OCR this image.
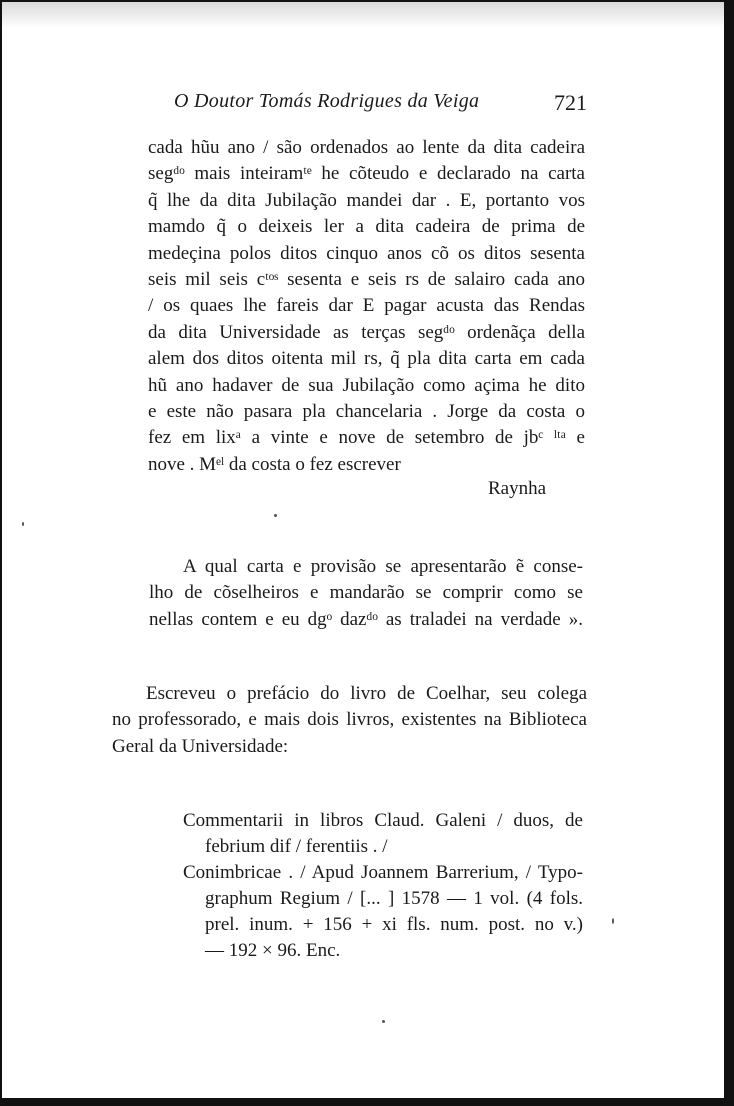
O Doutor Tomás Rodrigues da Veiga	721
cada hũu ano / são ordenados ao lente da dita cadeira
segᵈᵒ mais inteiramᵗᵉ he cõteudo e declarado na carta
q̃ lhe da dita Jubilação mandei dar . E, portanto vos
mamdo q̃ o deixeis ler a dita cadeira de prima de
medeçina polos ditos cinquo anos cõ os ditos sesenta
seis mil seis cᵗᵒˢ sesenta e seis rs de salairo cada ano
/ os quaes lhe fareis dar E pagar acusta das Rendas
da dita Universidade as terças segᵈᵒ ordenãça della
alem dos ditos oitenta mil rs, q̃ pla dita carta em cada
hũ ano hadaver de sua Jubilação como açima he dito
e este não pasara pla chancelaria . Jorge da costa o
fez em lixᵃ a vinte e nove de setembro de jbᶜ ˡᵗᵃ e
nove . Mᵉˡ da costa o fez escrever
Raynha
A qual carta e provisão se apresentarão ẽ conse-
lho de cõselheiros e mandarão se comprir como se
nellas contem e eu dgᵒ dazᵈᵒ as traladei na verdade ».
Escreveu o prefácio do livro de Coelhar, seu colega
no professorado, e mais dois livros, existentes na Biblioteca
Geral da Universidade:
Commentarii in libros Claud. Galeni / duos, de
febrium dif / ferentiis . /
Conimbricae . / Apud Joannem Barrerium, / Typo-
graphum Regium / [... ] 1578 — 1 vol. (4 fols.
prel. inum. + 156 + xi fls. num. post. no v.)
— 192 × 96. Enc.
